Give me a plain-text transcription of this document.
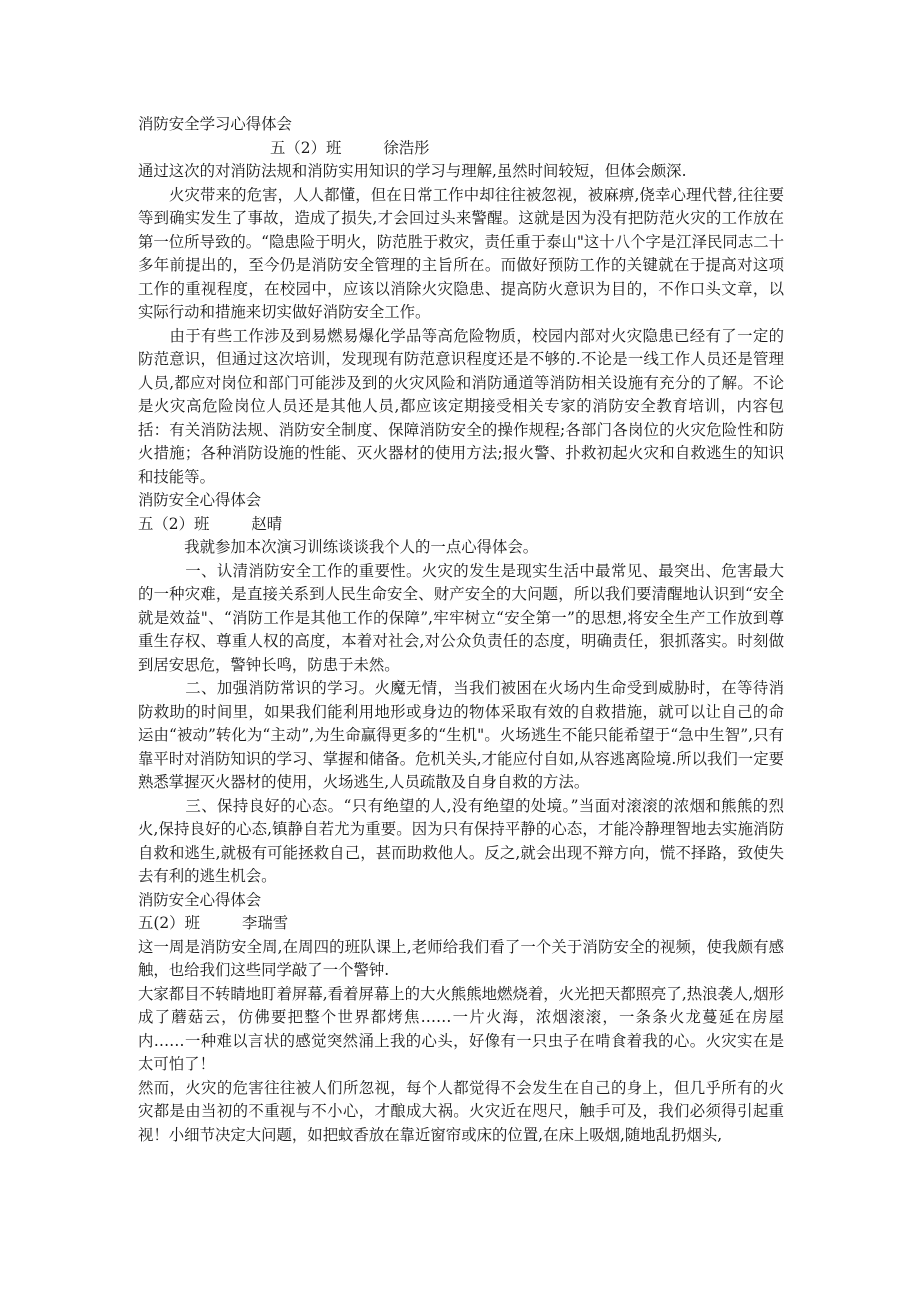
消防安全学习心得体会
五（2）班	徐浩彤
通过这次的对消防法规和消防实用知识的学习与理解,虽然时间较短，但体会颇深.
　　火灾带来的危害，人人都懂，但在日常工作中却往往被忽视，被麻痹,侥幸心理代替,往往要等到确实发生了事故，造成了损失,才会回过头来警醒。这就是因为没有把防范火灾的工作放在第一位所导致的。“隐患险于明火，防范胜于救灾，责任重于泰山"这十八个字是江泽民同志二十多年前提出的，至今仍是消防安全管理的主旨所在。而做好预防工作的关键就在于提高对这项工作的重视程度，在校园中，应该以消除火灾隐患、提高防火意识为目的，不作口头文章，以实际行动和措施来切实做好消防安全工作。
　　由于有些工作涉及到易燃易爆化学品等高危险物质，校园内部对火灾隐患已经有了一定的防范意识，但通过这次培训，发现现有防范意识程度还是不够的.不论是一线工作人员还是管理人员,都应对岗位和部门可能涉及到的火灾风险和消防通道等消防相关设施有充分的了解。不论是火灾高危险岗位人员还是其他人员,都应该定期接受相关专家的消防安全教育培训，内容包括：有关消防法规、消防安全制度、保障消防安全的操作规程;各部门各岗位的火灾危险性和防火措施；各种消防设施的性能、灭火器材的使用方法;报火警、扑救初起火灾和自救逃生的知识和技能等。
消防安全心得体会
五（2）班	赵晴
　　　我就参加本次演习训练谈谈我个人的一点心得体会。
　　　一、认清消防安全工作的重要性。火灾的发生是现实生活中最常见、最突出、危害最大的一种灾难，是直接关系到人民生命安全、财产安全的大问题，所以我们要清醒地认识到“安全就是效益"、“消防工作是其他工作的保障”,牢牢树立“安全第一”的思想,将安全生产工作放到尊重生存权、尊重人权的高度，本着对社会,对公众负责任的态度，明确责任，狠抓落实。时刻做到居安思危，警钟长鸣，防患于未然。
　　　二、加强消防常识的学习。火魔无情，当我们被困在火场内生命受到威胁时，在等待消防救助的时间里，如果我们能利用地形或身边的物体采取有效的自救措施，就可以让自己的命运由“被动”转化为“主动”,为生命赢得更多的“生机"。火场逃生不能只能希望于“急中生智”,只有靠平时对消防知识的学习、掌握和储备。危机关头,才能应付自如,从容逃离险境.所以我们一定要熟悉掌握灭火器材的使用，火场逃生,人员疏散及自身自救的方法。
　　　三、保持良好的心态。“只有绝望的人,没有绝望的处境。”当面对滚滚的浓烟和熊熊的烈火,保持良好的心态,镇静自若尤为重要。因为只有保持平静的心态，才能冷静理智地去实施消防自救和逃生,就极有可能拯救自己，甚而助救他人。反之,就会出现不辩方向，慌不择路，致使失去有利的逃生机会。
消防安全心得体会
五(2）班	李瑞雪
这一周是消防安全周,在周四的班队课上,老师给我们看了一个关于消防安全的视频，使我颇有感触，也给我们这些同学敲了一个警钟.
大家都目不转睛地盯着屏幕,看着屏幕上的大火熊熊地燃烧着，火光把天都照亮了,热浪袭人,烟形成了蘑菇云，仿佛要把整个世界都烤焦……一片火海，浓烟滚滚，一条条火龙蔓延在房屋内……一种难以言状的感觉突然涌上我的心头，好像有一只虫子在啃食着我的心。火灾实在是太可怕了！
然而，火灾的危害往往被人们所忽视，每个人都觉得不会发生在自己的身上，但几乎所有的火灾都是由当初的不重视与不小心，才酿成大祸。火灾近在咫尺，触手可及，我们必须得引起重视！小细节决定大问题，如把蚊香放在靠近窗帘或床的位置,在床上吸烟,随地乱扔烟头,
